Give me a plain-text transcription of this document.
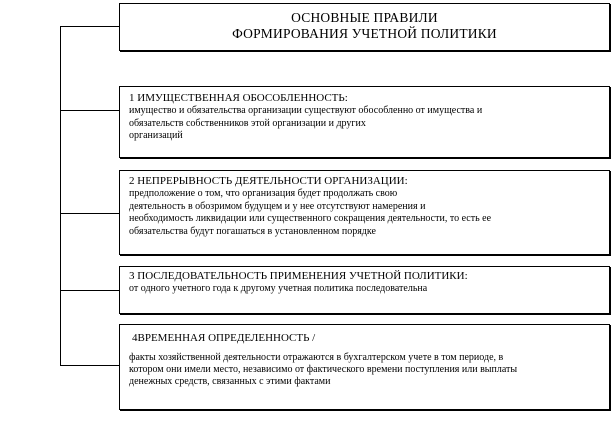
ОСНОВНЫЕ ПРАВИЛИ
ФОРМИРОВАНИЯ УЧЕТНОЙ ПОЛИТИКИ
1 ИМУЩЕСТВЕННАЯ ОБОСОБЛЕННОСТЬ:
имущество и обязательства организации существуют обособленно от имущества и
обязательств собственников этой организации и других
организаций
2 НЕПРЕРЫВНОСТЬ ДЕЯТЕЛЬНОСТИ ОРГАНИЗАЦИИ:
предположение о том, что организация будет продолжать свою
деятельность в обозримом будущем и у нее отсутствуют намерения и
необходимость ликвидации или существенного сокращения деятельности, то есть ее
обязательства будут погашаться в установленном порядке
3 ПОСЛЕДОВАТЕЛЬНОСТЬ ПРИМЕНЕНИЯ УЧЕТНОЙ ПОЛИТИКИ:
от одного учетного года к другому учетная политика последовательна
4ВРЕМЕННАЯ ОПРЕДЕЛЕННОСТЬ /
факты хозяйственной деятельности отражаются в бухгалтерском учете в том периоде, в
котором они имели место, независимо от фактического времени поступления или выплаты
денежных средств, связанных с этими фактами
